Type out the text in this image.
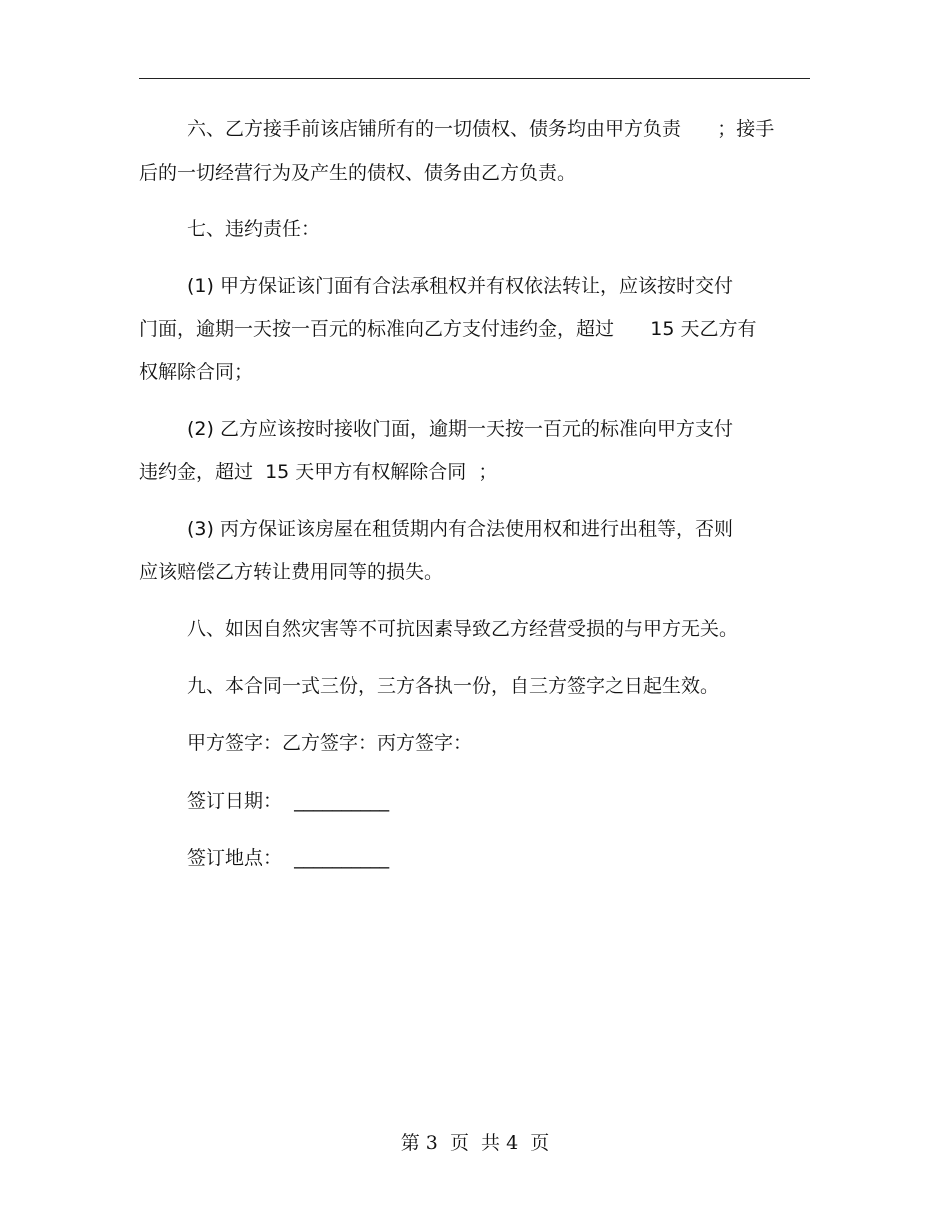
六、乙方接手前该店铺所有的一切债权、债务均由甲方负责      ；接手
后的一切经营行为及产生的债权、债务由乙方负责。
七、违约责任：
(1) 甲方保证该门面有合法承租权并有权依法转让，应该按时交付
门面，逾期一天按一百元的标准向乙方支付违约金，超过      15 天乙方有
权解除合同；
(2) 乙方应该按时接收门面，逾期一天按一百元的标准向甲方支付
违约金，超过  15 天甲方有权解除合同  ；
(3) 丙方保证该房屋在租赁期内有合法使用权和进行出租等，否则
应该赔偿乙方转让费用同等的损失。
八、如因自然灾害等不可抗因素导致乙方经营受损的与甲方无关。
九、本合同一式三份，三方各执一份，自三方签字之日起生效。
甲方签字：乙方签字：丙方签字：
签订日期： __________
签订地点： __________
第 3  页  共 4  页
